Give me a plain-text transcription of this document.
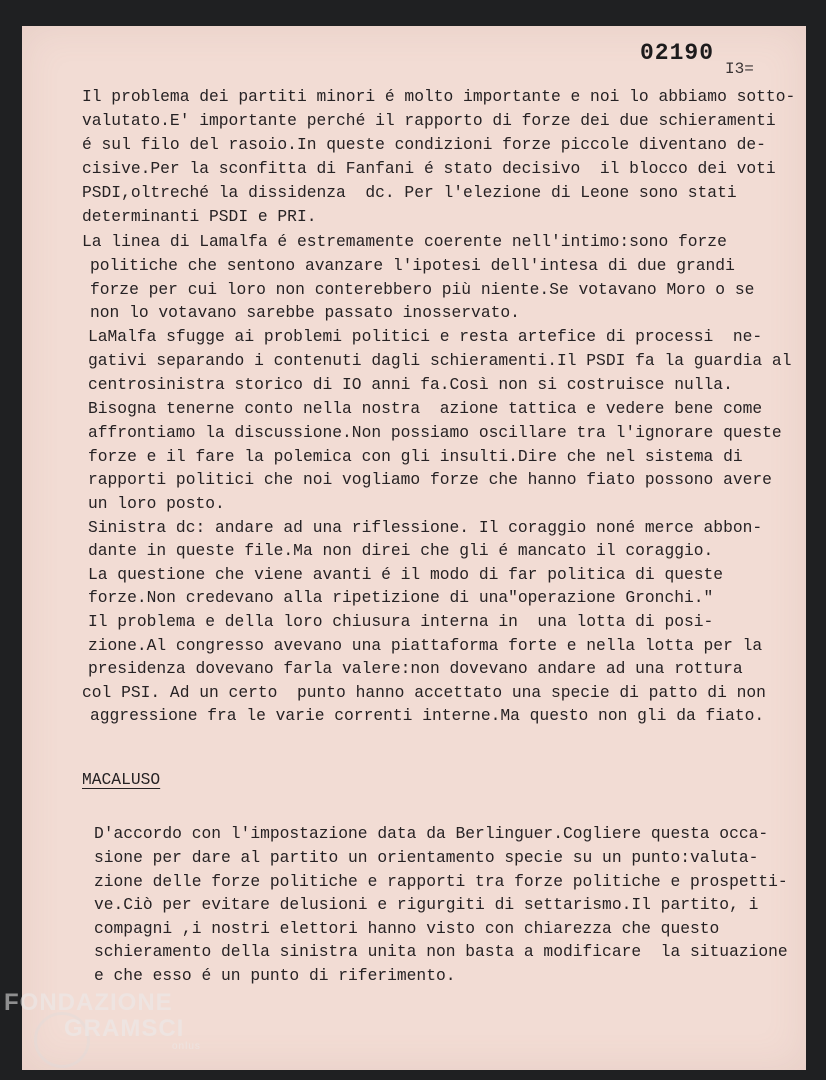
02190
I3=
Il problema dei partiti minori é molto importante e noi lo abbiamo sotto-
valutato.E' importante perché il rapporto di forze dei due schieramenti
é sul filo del rasoio.In queste condizioni forze piccole diventano de-
cisive.Per la sconfitta di Fanfani é stato decisivo  il blocco dei voti
PSDI,oltreché la dissidenza  dc. Per l'elezione di Leone sono stati
determinanti PSDI e PRI.
La linea di Lamalfa é estremamente coerente nell'intimo:sono forze
politiche che sentono avanzare l'ipotesi dell'intesa di due grandi
forze per cui loro non conterebbero più niente.Se votavano Moro o se
non lo votavano sarebbe passato inosservato.
LaMalfa sfugge ai problemi politici e resta artefice di processi  ne-
gativi separando i contenuti dagli schieramenti.Il PSDI fa la guardia al
centrosinistra storico di IO anni fa.Così non si costruisce nulla.
Bisogna tenerne conto nella nostra  azione tattica e vedere bene come
affrontiamo la discussione.Non possiamo oscillare tra l'ignorare queste
forze e il fare la polemica con gli insulti.Dire che nel sistema di
rapporti politici che noi vogliamo forze che hanno fiato possono avere
un loro posto.
Sinistra dc: andare ad una riflessione. Il coraggio noné merce abbon-
dante in queste file.Ma non direi che gli é mancato il coraggio.
La questione che viene avanti é il modo di far politica di queste
forze.Non credevano alla ripetizione di una"operazione Gronchi."
Il problema e della loro chiusura interna in  una lotta di posi-
zione.Al congresso avevano una piattaforma forte e nella lotta per la
presidenza dovevano farla valere:non dovevano andare ad una rottura
col PSI. Ad un certo  punto hanno accettato una specie di patto di non
aggressione fra le varie correnti interne.Ma questo non gli da fiato.
MACALUSO
D'accordo con l'impostazione data da Berlinguer.Cogliere questa occa-
sione per dare al partito un orientamento specie su un punto:valuta-
zione delle forze politiche e rapporti tra forze politiche e prospetti-
ve.Ciò per evitare delusioni e rigurgiti di settarismo.Il partito, i
compagni ,i nostri elettori hanno visto con chiarezza che questo
schieramento della sinistra unita non basta a modificare  la situazione
e che esso é un punto di riferimento.
FONDAZIONE
GRAMSCI
onlus
